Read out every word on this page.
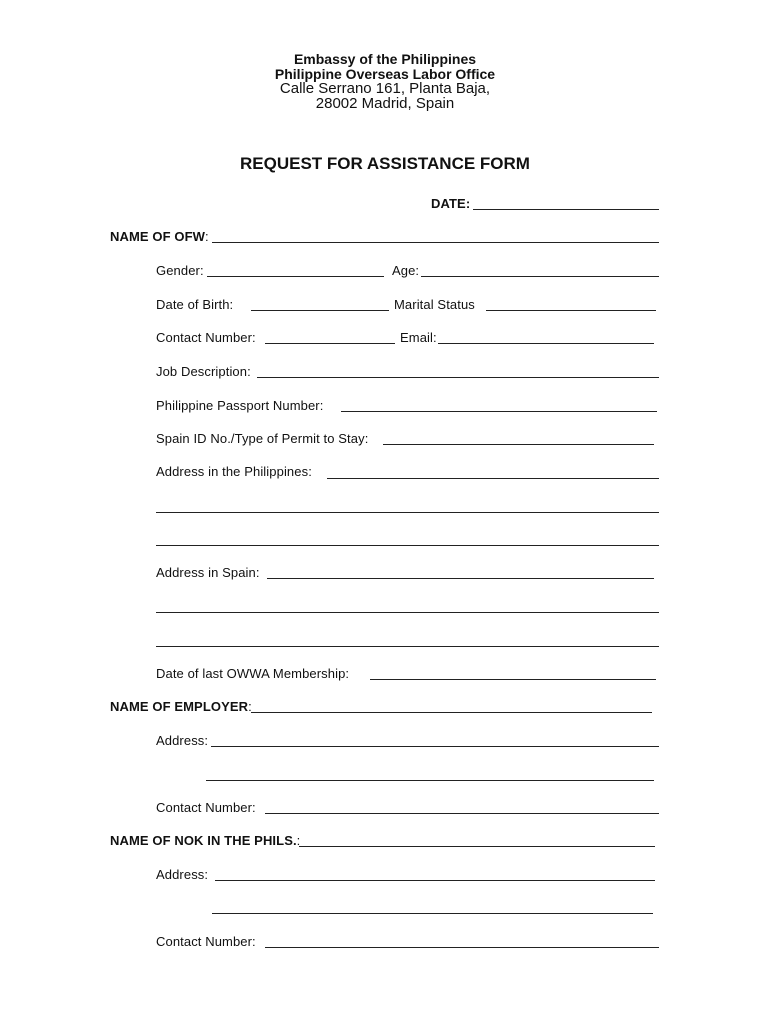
Embassy of the Philippines
Philippine Overseas Labor Office
Calle Serrano 161, Planta Baja,
28002 Madrid, Spain
REQUEST FOR ASSISTANCE FORM
DATE:
NAME OF OFW:
Gender:	Age:
Date of Birth:	Marital Status
Contact Number:	Email:
Job Description:
Philippine Passport Number:
Spain ID No./Type of Permit to Stay:
Address in the Philippines:
Address in Spain:
Date of last OWWA Membership:
NAME OF EMPLOYER:
Address:
Contact Number:
NAME OF NOK IN THE PHILS.:
Address:
Contact Number:
